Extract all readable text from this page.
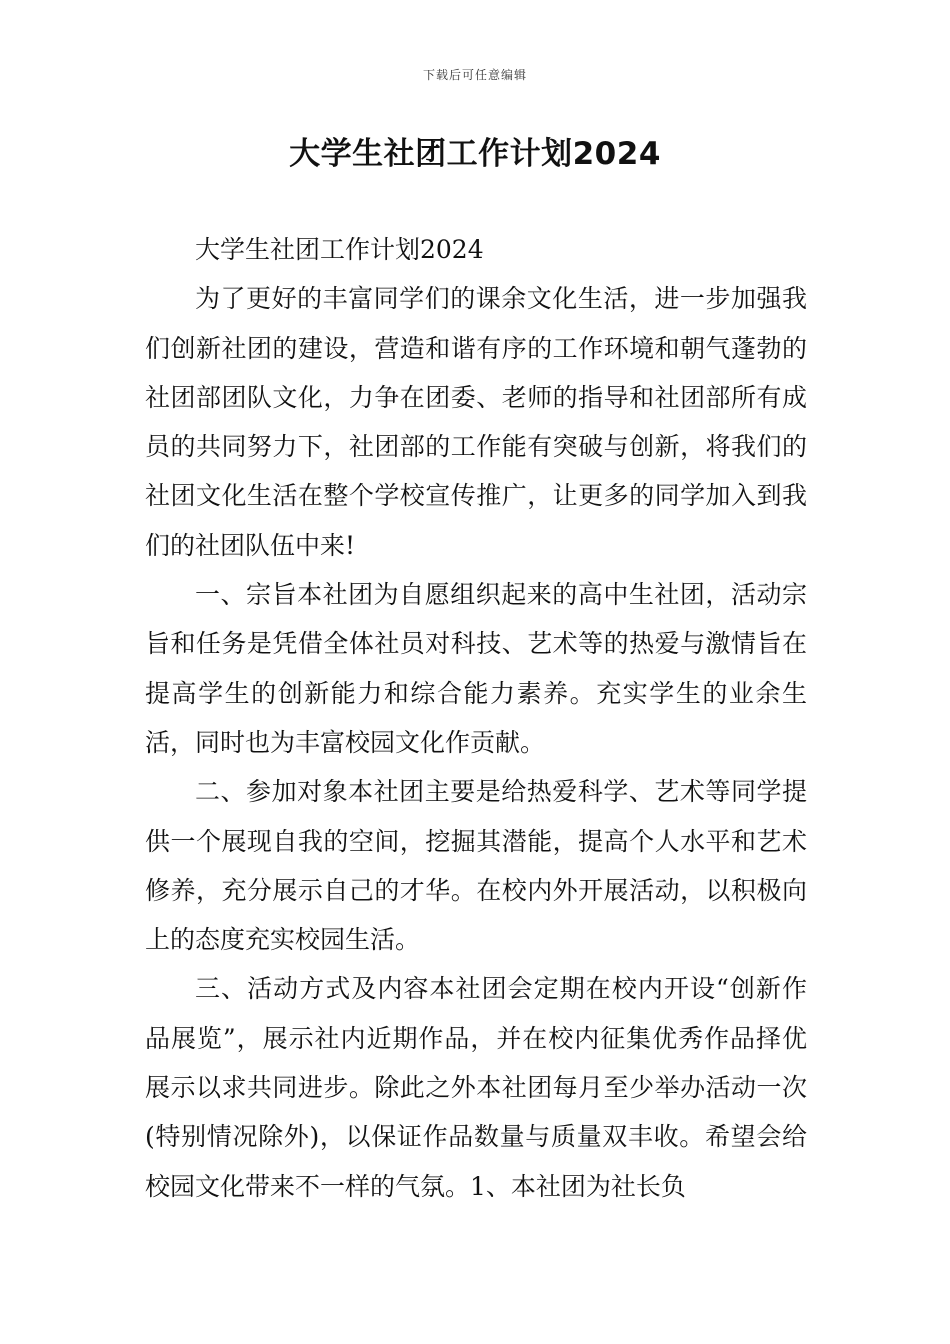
下载后可任意编辑
大学生社团工作计划2024

大学生社团工作计划2024

为了更好的丰富同学们的课余文化生活，进一步加强我们创新社团的建设，营造和谐有序的工作环境和朝气蓬勃的社团部团队文化，力争在团委、老师的指导和社团部所有成员的共同努力下，社团部的工作能有突破与创新，将我们的社团文化生活在整个学校宣传推广，让更多的同学加入到我们的社团队伍中来!

一、宗旨本社团为自愿组织起来的高中生社团，活动宗旨和任务是凭借全体社员对科技、艺术等的热爱与激情旨在提高学生的创新能力和综合能力素养。充实学生的业余生活，同时也为丰富校园文化作贡献。

二、参加对象本社团主要是给热爱科学、艺术等同学提供一个展现自我的空间，挖掘其潜能，提高个人水平和艺术修养，充分展示自己的才华。在校内外开展活动，以积极向上的态度充实校园生活。

三、活动方式及内容本社团会定期在校内开设“创新作品展览”，展示社内近期作品，并在校内征集优秀作品择优展示以求共同进步。除此之外本社团每月至少举办活动一次(特别情况除外)，以保证作品数量与质量双丰收。希望会给校园文化带来不一样的气氛。1、本社团为社长负
